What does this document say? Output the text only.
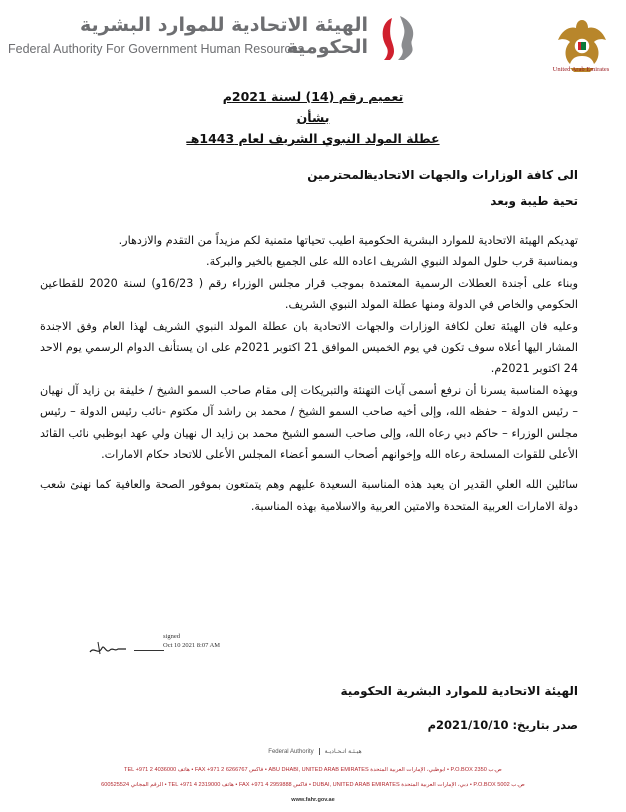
الهيئة الاتحادية للموارد البشرية الحكومية
Federal Authority For Government Human Resources
United Arab Emirates
تعميم رقم (14) لسنة 2021م
بشأن
عطلة المولد النبوي الشريف لعام 1443هـ
الى كافة الوزارات والجهات الاتحادية
المحترمين
تحية طيبة وبعد

تهديكم الهيئة الاتحادية للموارد البشرية الحكومية اطيب تحياتها متمنية لكم مزيداً من التقدم والازدهار.

وبمناسبة قرب حلول المولد النبوي الشريف اعاده الله على الجميع بالخير والبركة.

وبناء على أجندة العطلات الرسمية المعتمدة بموجب قرار مجلس الوزراء رقم ( 16/23و) لسنة 2020 للقطاعين الحكومي والخاص في الدولة ومنها عطلة المولد النبوي الشريف.

وعليه فان الهيئة تعلن لكافة الوزارات والجهات الاتحادية بان عطلة المولد النبوي الشريف لهذا العام وفق الاجندة المشار اليها أعلاه سوف تكون في يوم الخميس الموافق 21 اكتوبر 2021م على ان يستأنف الدوام الرسمي يوم الاحد 24 اكتوبر 2021م.

وبهذه المناسبة يسرنا أن نرفع أسمى آيات التهنئة والتبريكات إلى مقام صاحب السمو الشيخ / خليفة بن زايد آل نهيان – رئيس الدولة – حفظه الله، وإلى أخيه صاحب السمو الشيخ / محمد بن راشد آل مكتوم -نائب رئيس الدولة – رئيس مجلس الوزراء – حاكم دبي رعاه الله، وإلى صاحب السمو الشيخ محمد بن زايد ال نهيان ولي عهد ابوظبي نائب القائد الأعلى للقوات المسلحة رعاه الله وإخوانهم أصحاب السمو أعضاء المجلس الأعلى للاتحاد حكام الامارات.

سائلين الله العلي القدير ان يعيد هذه المناسبة السعيدة عليهم وهم يتمتعون بموفور الصحة والعافية كما نهنئ شعب دولة الامارات العربية المتحدة والامتين العربية والاسلامية بهذه المناسبة.

signed
Oct 10 2021 8:07 AM
الهيئة الاتحادية للموارد البشرية الحكومية
صدر بتاريخ: 2021/10/10م
Federal Authority هيـئـة اتـحـاديـة
TEL +971 2 4036000 هاتف • FAX +971 2 6266767 فاكس • ABU DHABI, UNITED ARAB EMIRATES أبوظبي، الإمارات العربية المتحدة • P.O.BOX 2350 ص.ب
600525524 الرقم المجاني • TEL +971 4 2319000 هاتف • FAX +971 4 2959888 فاكس • DUBAI, UNITED ARAB EMIRATES دبي، الإمارات العربية المتحدة • P.O.BOX 5002 ص.ب
www.fahr.gov.ae
